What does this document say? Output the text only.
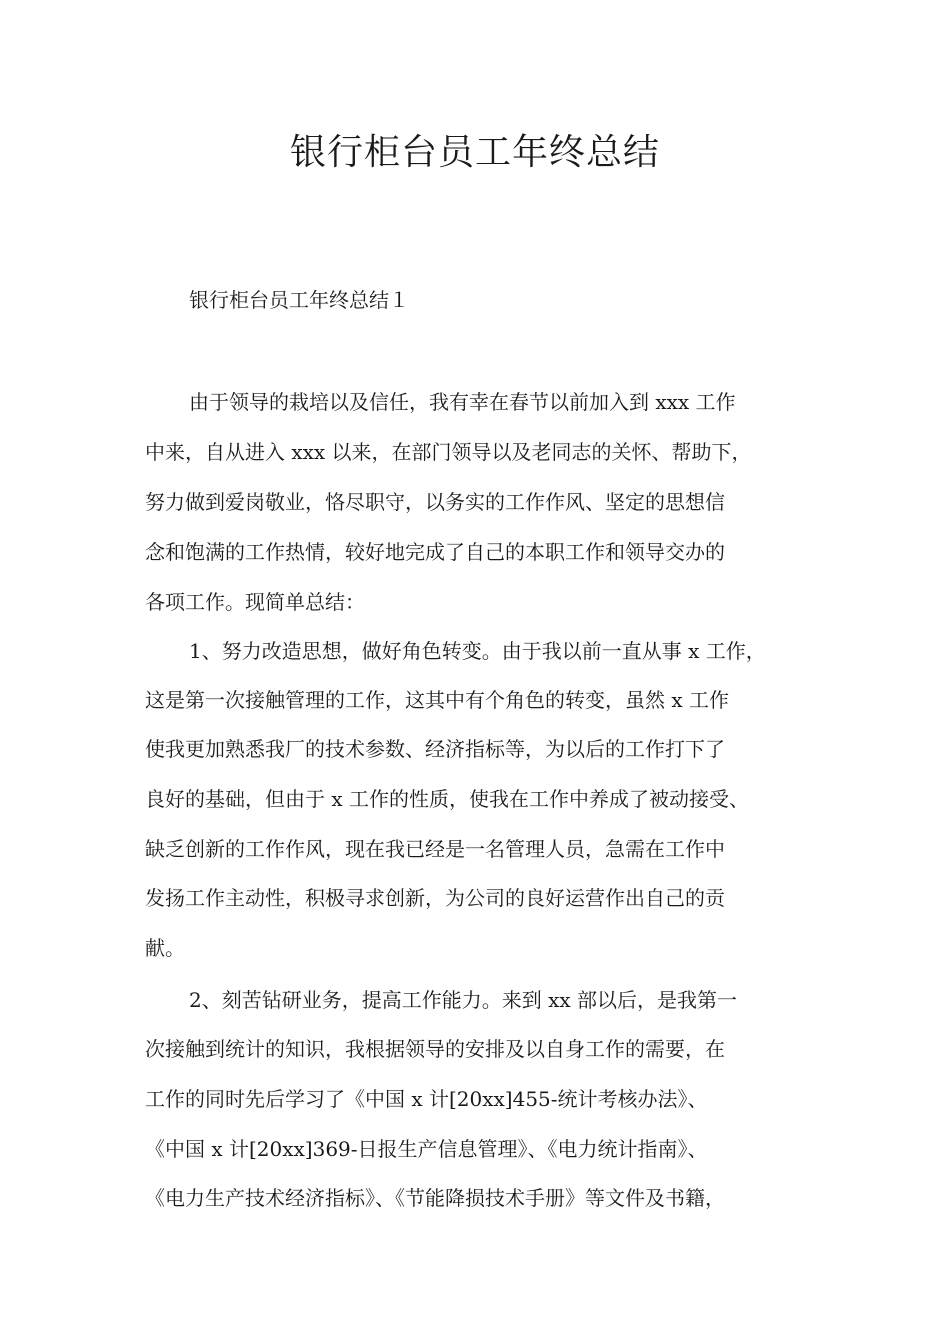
银行柜台员工年终总结

银行柜台员工年终总结１

由于领导的栽培以及信任，我有幸在春节以前加入到 xxx 工作

中来，自从进入 xxx 以来，在部门领导以及老同志的关怀、帮助下，

努力做到爱岗敬业，恪尽职守，以务实的工作作风、坚定的思想信

念和饱满的工作热情，较好地完成了自己的本职工作和领导交办的

各项工作。现简单总结：

1、努力改造思想，做好角色转变。由于我以前一直从事 x 工作，

这是第一次接触管理的工作，这其中有个角色的转变，虽然 x 工作

使我更加熟悉我厂的技术参数、经济指标等，为以后的工作打下了

良好的基础，但由于 x 工作的性质，使我在工作中养成了被动接受、

缺乏创新的工作作风，现在我已经是一名管理人员，急需在工作中

发扬工作主动性，积极寻求创新，为公司的良好运营作出自己的贡

献。

2、刻苦钻研业务，提高工作能力。来到 xx 部以后，是我第一

次接触到统计的知识，我根据领导的安排及以自身工作的需要，在

工作的同时先后学习了《中国 x 计[20xx]455-统计考核办法》、

《中国 x 计[20xx]369-日报生产信息管理》、《电力统计指南》、

《电力生产技术经济指标》、《节能降损技术手册》等文件及书籍，
